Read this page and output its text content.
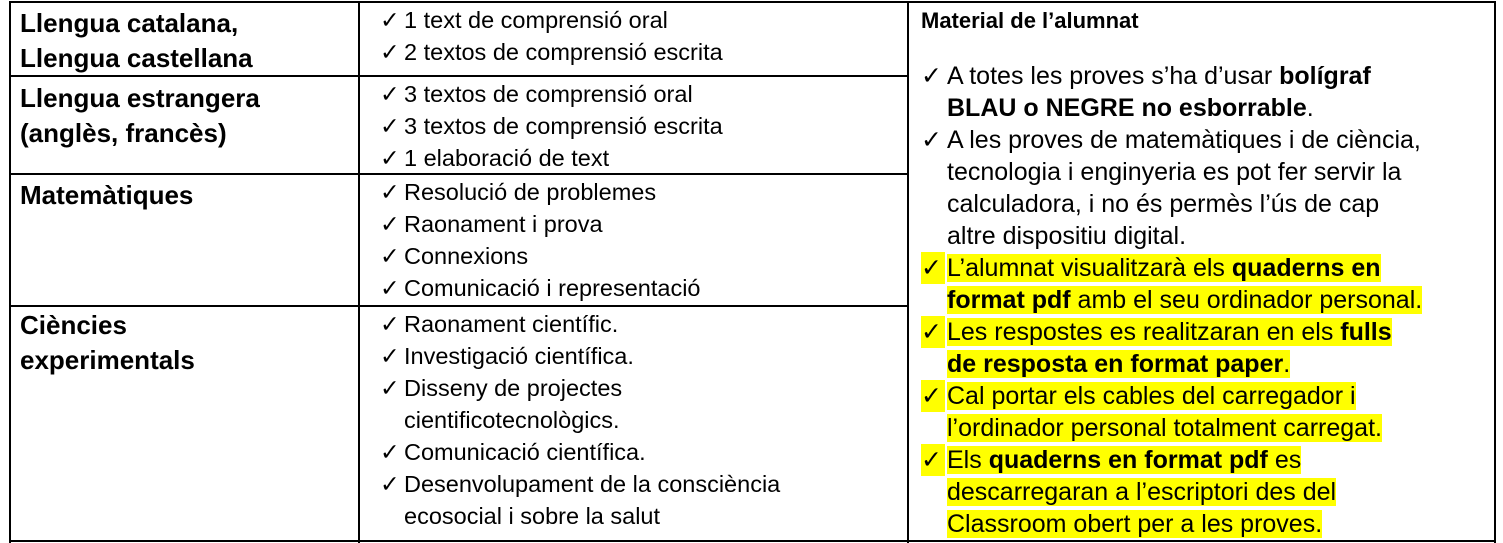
Llengua catalana,
Llengua castellana
Llengua estrangera
(anglès, francès)
Matemàtiques
Ciències
experimentals
✓ 1 text de comprensió oral
✓ 2 textos de comprensió escrita
✓ 3 textos de comprensió oral
✓ 3 textos de comprensió escrita
✓ 1 elaboració de text
✓ Resolució de problemes
✓ Raonament i prova
✓ Connexions
✓ Comunicació i representació
✓ Raonament científic.
✓ Investigació científica.
✓ Disseny de projectes
cientificotecnològics.
✓ Comunicació científica.
✓ Desenvolupament de la consciència
ecosocial i sobre la salut
Material de l’alumnat
✓ A totes les proves s’ha d’usar bolígraf
BLAU o NEGRE no esborrable.
✓ A les proves de matemàtiques i de ciència,
tecnologia i enginyeria es pot fer servir la
calculadora, i no és permès l’ús de cap
altre dispositiu digital.
✓ L’alumnat visualitzarà els quaderns en
format pdf amb el seu ordinador personal.
✓ Les respostes es realitzaran en els fulls
de resposta en format paper.
✓ Cal portar els cables del carregador i
l’ordinador personal totalment carregat.
✓ Els quaderns en format pdf es
descarregaran a l’escriptori des del
Classroom obert per a les proves.
